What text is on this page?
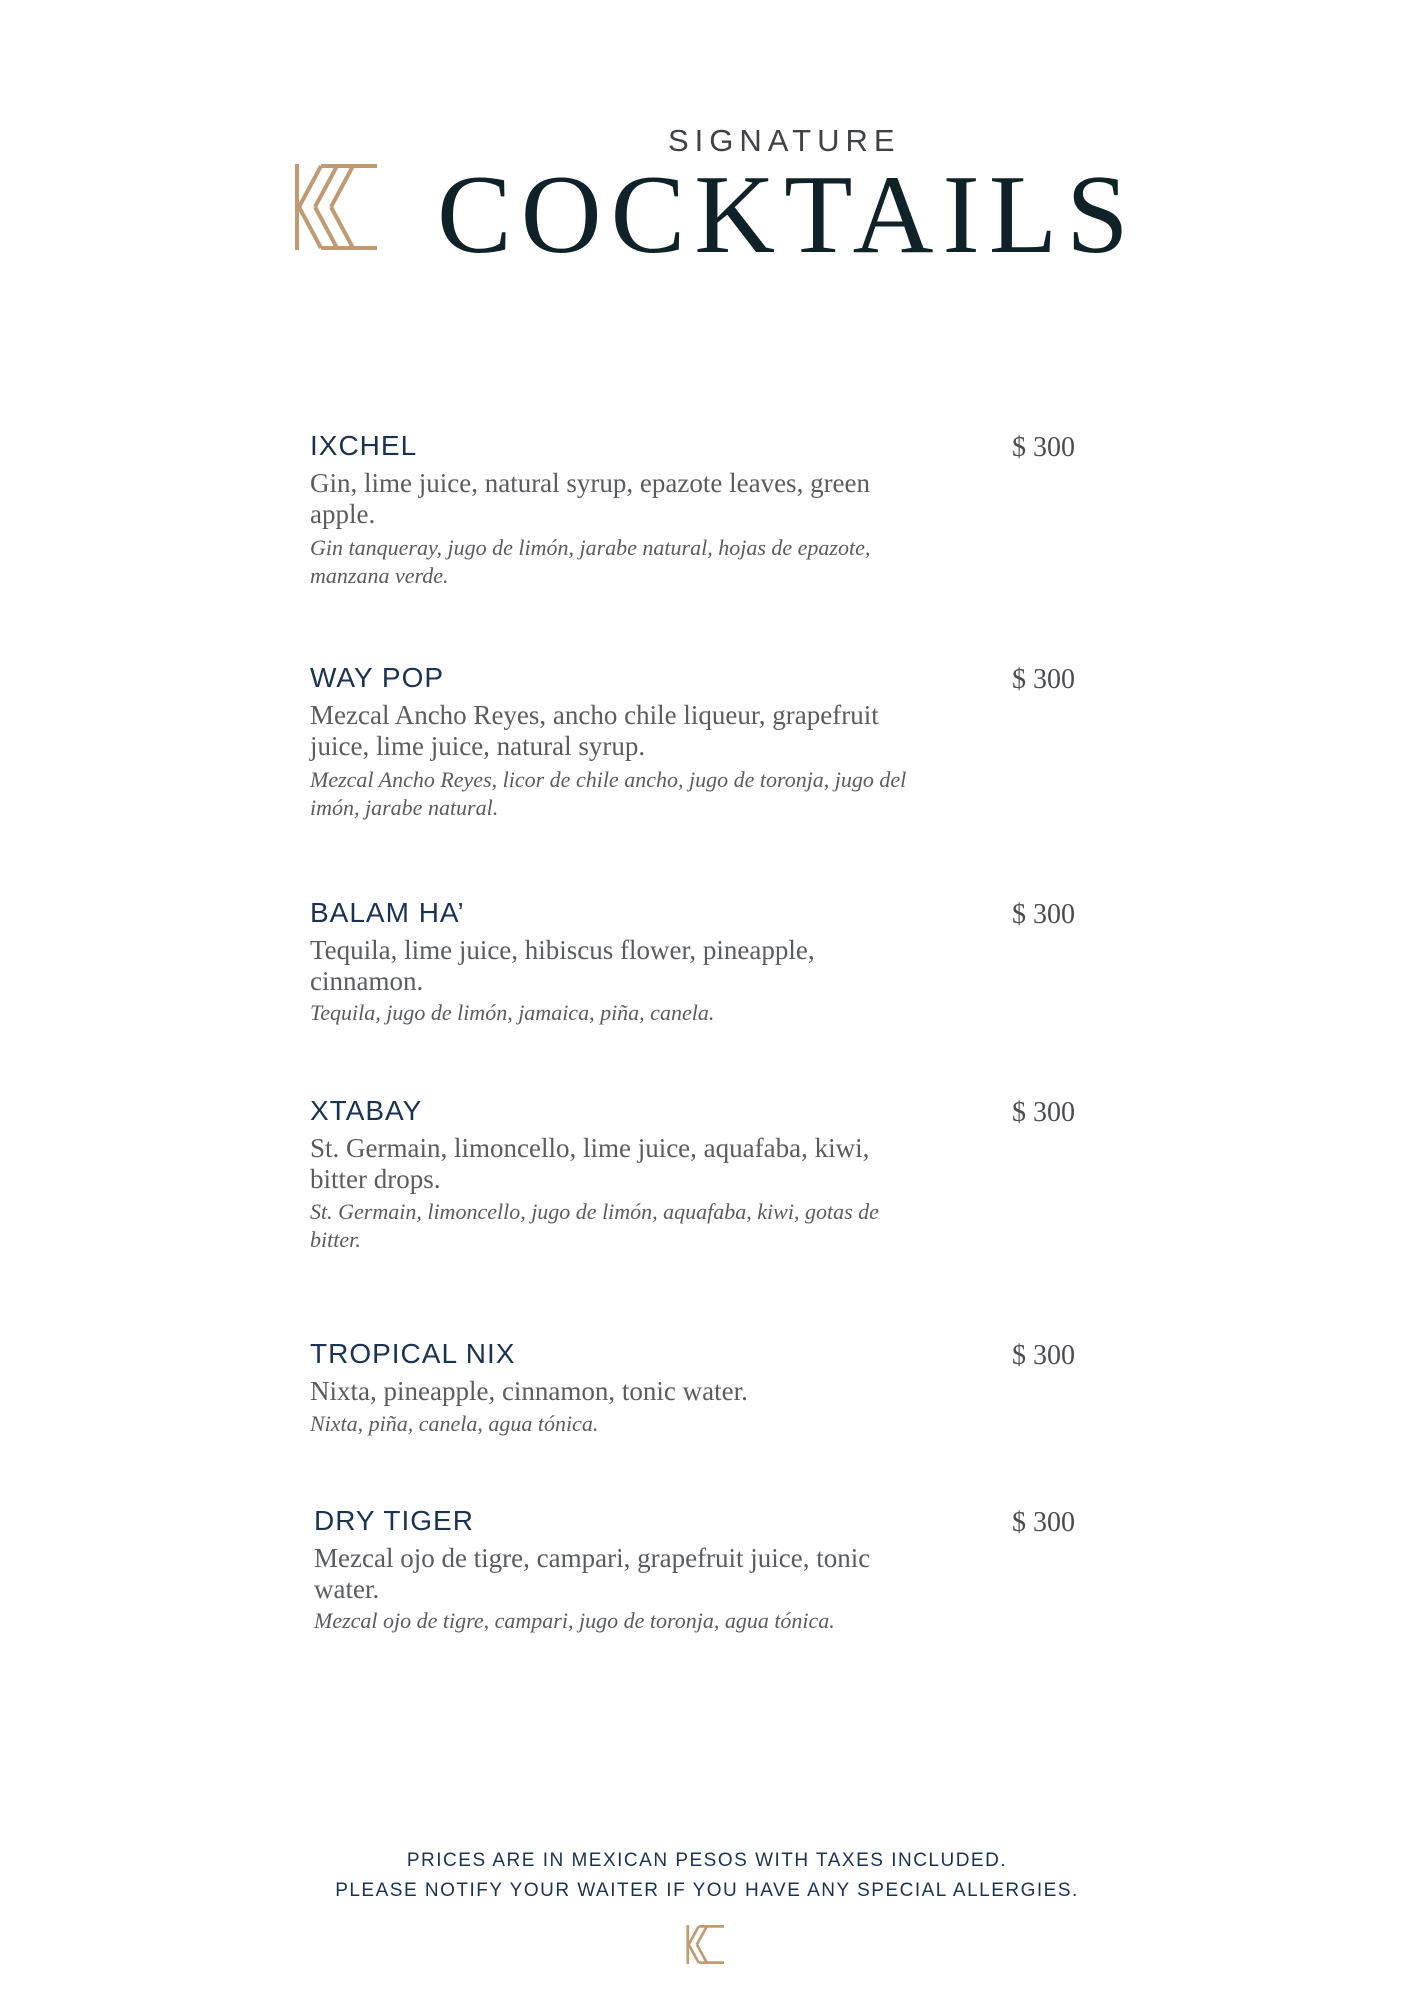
SIGNATURE
COCKTAILS
IXCHEL	$ 300
Gin, lime juice, natural syrup, epazote leaves, green apple.
Gin tanqueray, jugo de limón, jarabe natural, hojas de epazote, manzana verde.
WAY POP	$ 300
Mezcal Ancho Reyes, ancho chile liqueur, grapefruit juice, lime juice, natural syrup.
Mezcal Ancho Reyes, licor de chile ancho, jugo de toronja, jugo del imón, jarabe natural.
BALAM HA’	$ 300
Tequila, lime juice, hibiscus flower, pineapple, cinnamon.
Tequila, jugo de limón, jamaica, piña, canela.
XTABAY	$ 300
St. Germain, limoncello, lime juice, aquafaba, kiwi, bitter drops.
St. Germain, limoncello, jugo de limón, aquafaba, kiwi, gotas de bitter.
TROPICAL NIX	$ 300
Nixta, pineapple, cinnamon, tonic water.
Nixta, piña, canela, agua tónica.
DRY TIGER	$ 300
Mezcal ojo de tigre, campari, grapefruit juice, tonic water.
Mezcal ojo de tigre, campari, jugo de toronja, agua tónica.
PRICES ARE IN MEXICAN PESOS WITH TAXES INCLUDED.
PLEASE NOTIFY YOUR WAITER IF YOU HAVE ANY SPECIAL ALLERGIES.
